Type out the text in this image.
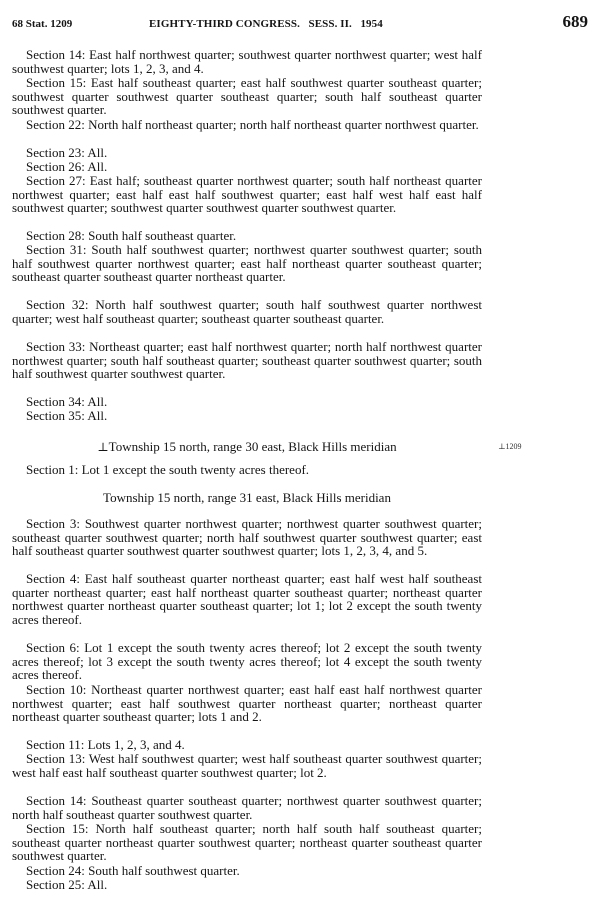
68 Stat. 1209	EIGHTY-THIRD CONGRESS.   SESS. II.   1954	689

Section 14: East half northwest quarter; southwest quarter northwest quarter; west half southwest quarter; lots 1, 2, 3, and 4.

Section 15: East half southeast quarter; east half southwest quarter southeast quarter; southwest quarter southwest quarter southeast quarter; south half southeast quarter southwest quarter.

Section 22: North half northeast quarter; north half northeast quarter northwest quarter.

Section 23: All.

Section 26: All.

Section 27: East half; southeast quarter northwest quarter; south half northeast quarter northwest quarter; east half east half southwest quarter; east half west half east half southwest quarter; southwest quarter southwest quarter southwest quarter.

Section 28: South half southeast quarter.

Section 31: South half southwest quarter; northwest quarter southwest quarter; south half southwest quarter northwest quarter; east half northeast quarter southeast quarter; southeast quarter southeast quarter northeast quarter.

Section 32: North half southwest quarter; south half southwest quarter northwest quarter; west half southeast quarter; southeast quarter southeast quarter.

Section 33: Northeast quarter; east half northwest quarter; north half northwest quarter northwest quarter; south half southeast quarter; southeast quarter southwest quarter; south half southwest quarter southwest quarter.

Section 34: All.

Section 35: All.

⊥Township 15 north, range 30 east, Black Hills meridian	⊥1209

Section 1: Lot 1 except the south twenty acres thereof.

Township 15 north, range 31 east, Black Hills meridian

Section 3: Southwest quarter northwest quarter; northwest quarter southwest quarter; southeast quarter southwest quarter; north half southwest quarter southwest quarter; east half southeast quarter southwest quarter southwest quarter; lots 1, 2, 3, 4, and 5.

Section 4: East half southeast quarter northeast quarter; east half west half southeast quarter northeast quarter; east half northeast quarter southeast quarter; northeast quarter northwest quarter northeast quarter southeast quarter; lot 1; lot 2 except the south twenty acres thereof.

Section 6: Lot 1 except the south twenty acres thereof; lot 2 except the south twenty acres thereof; lot 3 except the south twenty acres thereof; lot 4 except the south twenty acres thereof.

Section 10: Northeast quarter northwest quarter; east half east half northwest quarter northwest quarter; east half southwest quarter northeast quarter; northeast quarter northeast quarter southeast quarter; lots 1 and 2.

Section 11: Lots 1, 2, 3, and 4.

Section 13: West half southwest quarter; west half southeast quarter southwest quarter; west half east half southeast quarter southwest quarter; lot 2.

Section 14: Southeast quarter southeast quarter; northwest quarter southwest quarter; north half southeast quarter southwest quarter.

Section 15: North half southeast quarter; north half south half southeast quarter; southeast quarter northeast quarter southwest quarter; northeast quarter southeast quarter southwest quarter.

Section 24: South half southwest quarter.

Section 25: All.
